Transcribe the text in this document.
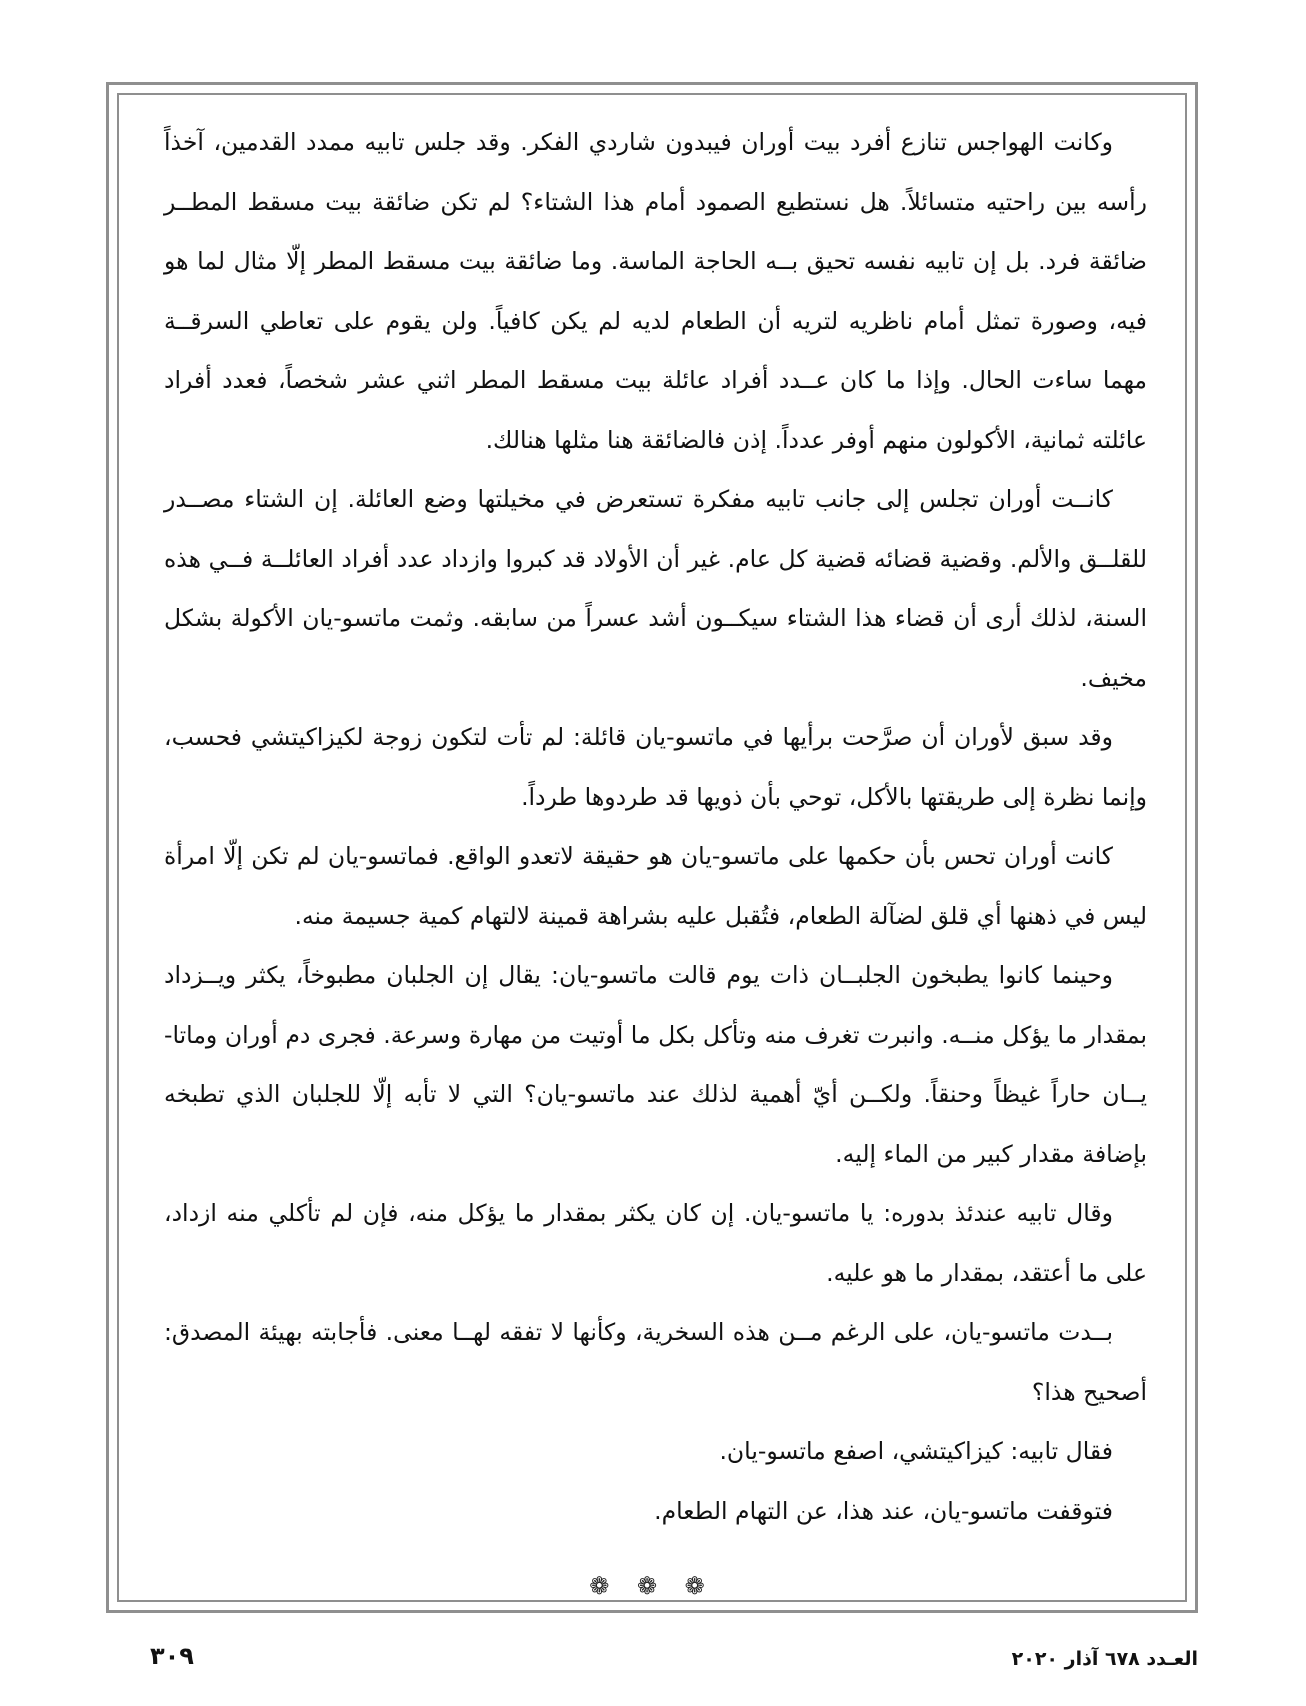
وكانت الهواجس تنازع أفرد بيت أوران فيبدون شاردي الفكر. وقد جلس تابيه ممدد القدمين، آخذاً رأسه بين راحتيه متسائلاً. هل نستطيع الصمود أمام هذا الشتاء؟ لم تكن ضائقة بيت مسقط المطــر ضائقة فرد. بل إن تابيه نفسه تحيق بــه الحاجة الماسة. وما ضائقة بيت مسقط المطر إلّا مثال لما هو فيه، وصورة تمثل أمام ناظريه لتريه أن الطعام لديه لم يكن كافياً. ولن يقوم على تعاطي السرقــة مهما ساءت الحال. وإذا ما كان عــدد أفراد عائلة بيت مسقط المطر اثني عشر شخصاً، فعدد أفراد عائلته ثمانية، الأكولون منهم أوفر عدداً. إذن فالضائقة هنا مثلها هنالك.

كانــت أوران تجلس إلى جانب تابيه مفكرة تستعرض في مخيلتها وضع العائلة. إن الشتاء مصــدر للقلــق والألم. وقضية قضائه قضية كل عام. غير أن الأولاد قد كبروا وازداد عدد أفراد العائلــة فــي هذه السنة، لذلك أرى أن قضاء هذا الشتاء سيكــون أشد عسراً من سابقه. وثمت ماتسو-يان الأكولة بشكل مخيف.

وقد سبق لأوران أن صرَّحت برأيها في ماتسو-يان قائلة: لم تأت لتكون زوجة لكيزاكيتشي فحسب، وإنما نظرة إلى طريقتها بالأكل، توحي بأن ذويها قد طردوها طرداً.

كانت أوران تحس بأن حكمها على ماتسو-يان هو حقيقة لاتعدو الواقع. فماتسو-يان لم تكن إلّا امرأة ليس في ذهنها أي قلق لضآلة الطعام، فتُقبل عليه بشراهة قمينة لالتهام كمية جسيمة منه.

وحينما كانوا يطبخون الجلبــان ذات يوم قالت ماتسو-يان: يقال إن الجلبان مطبوخاً، يكثر ويــزداد بمقدار ما يؤكل منــه. وانبرت تغرف منه وتأكل بكل ما أوتيت من مهارة وسرعة. فجرى دم أوران وماتا-يــان حاراً غيظاً وحنقاً. ولكــن أيّ أهمية لذلك عند ماتسو-يان؟ التي لا تأبه إلّا للجلبان الذي تطبخه بإضافة مقدار كبير من الماء إليه.

وقال تابيه عندئذ بدوره: يا ماتسو-يان. إن كان يكثر بمقدار ما يؤكل منه، فإن لم تأكلي منه ازداد، على ما أعتقد، بمقدار ما هو عليه.

بــدت ماتسو-يان، على الرغم مــن هذه السخرية، وكأنها لا تفقه لهــا معنى. فأجابته بهيئة المصدق: أصحيح هذا؟

فقال تابيه: كيزاكيتشي، اصفع ماتسو-يان.

فتوقفت ماتسو-يان، عند هذا، عن التهام الطعام.

❁ ❁ ❁
العـدد ٦٧٨ آذار ٢٠٢٠
٣٠٩
